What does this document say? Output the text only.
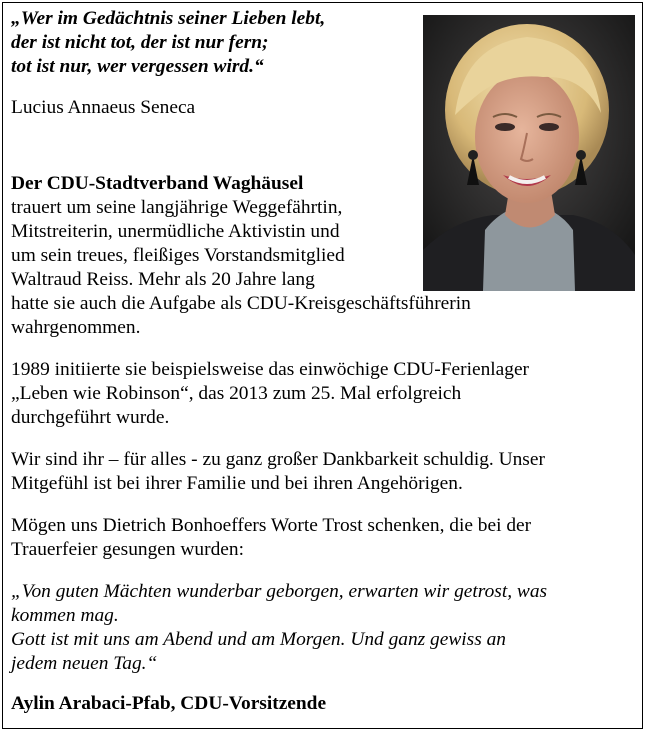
„Wer im Gedächtnis seiner Lieben lebt,
der ist nicht tot, der ist nur fern;
tot ist nur, wer vergessen wird.“
Lucius Annaeus Seneca
Der CDU-Stadtverband Waghäusel
trauert um seine langjährige Weggefährtin,
Mitstreiterin, unermüdliche Aktivistin und
um sein treues, fleißiges Vorstandsmitglied
Waltraud Reiss. Mehr als 20 Jahre lang
hatte sie auch die Aufgabe als CDU-Kreisgeschäftsführerin
wahrgenommen.
1989 initiierte sie beispielsweise das einwöchige CDU-Ferienlager
„Leben wie Robinson“, das 2013 zum 25. Mal erfolgreich
durchgeführt wurde.
Wir sind ihr – für alles - zu ganz großer Dankbarkeit schuldig. Unser
Mitgefühl ist bei ihrer Familie und bei ihren Angehörigen.
Mögen uns Dietrich Bonhoeffers Worte Trost schenken, die bei der
Trauerfeier gesungen wurden:
„Von guten Mächten wunderbar geborgen, erwarten wir getrost, was
kommen mag.
Gott ist mit uns am Abend und am Morgen. Und ganz gewiss an
jedem neuen Tag.“
Aylin Arabaci-Pfab, CDU-Vorsitzende
